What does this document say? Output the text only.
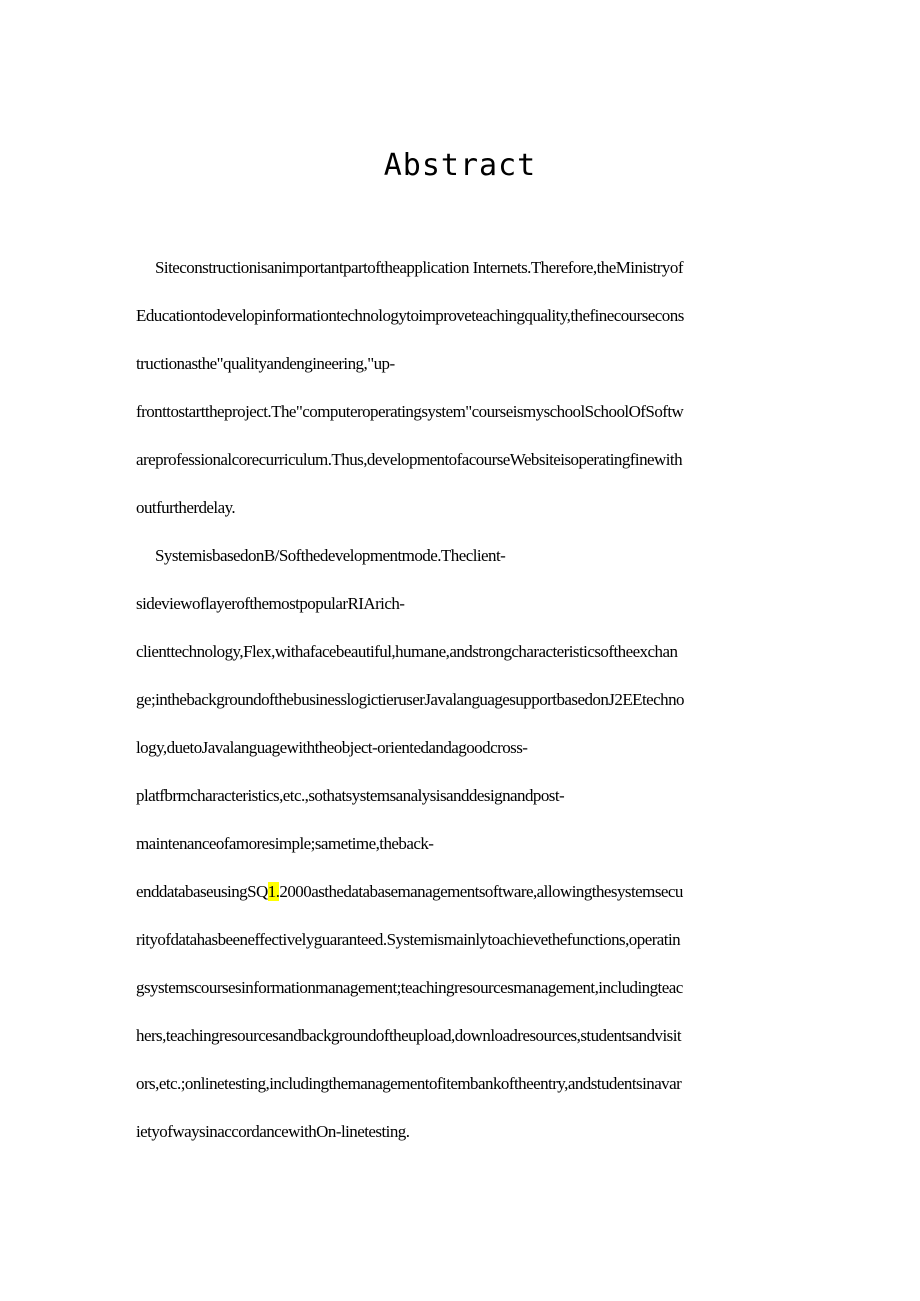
Abstract
Siteconstructionisanimportantpartoftheapplication Internets.Therefore,theMinistryof
Educationtodevelopinformationtechnologytoimproveteachingquality,thefinecoursecons
tructionasthe"qualityandengineering,"up-
fronttostarttheproject.The"computeroperatingsystem"courseismyschoolSchoolOfSoftw
areprofessionalcorecurriculum.Thus,developmentofacourseWebsiteisoperatingfinewith
outfurtherdelay.
SystemisbasedonB/Softhedevelopmentmode.Theclient-
sideviewoflayerofthemostpopularRIArich-
clienttechnology,Flex,withafacebeautiful,humane,andstrongcharacteristicsoftheexchan
ge;inthebackgroundofthebusinesslogictieruserJavalanguagesupportbasedonJ2EEtechno
logy,duetoJavalanguagewiththeobject-orientedandagoodcross-
platfbrmcharacteristics,etc.,sothatsystemsanalysisanddesignandpost-
maintenanceofamoresimple;sametime,theback-
enddatabaseusingSQ1.2000asthedatabasemanagementsoftware,allowingthesystemsecu
rityofdatahasbeeneffectivelyguaranteed.Systemismainlytoachievethefunctions,operatin
gsystemscoursesinformationmanagement;teachingresourcesmanagement,includingteac
hers,teachingresourcesandbackgroundoftheupload,downloadresources,studentsandvisit
ors,etc.;onlinetesting,includingthemanagementofitembankoftheentry,andstudentsinavar
ietyofwaysinaccordancewithOn-linetesting.
